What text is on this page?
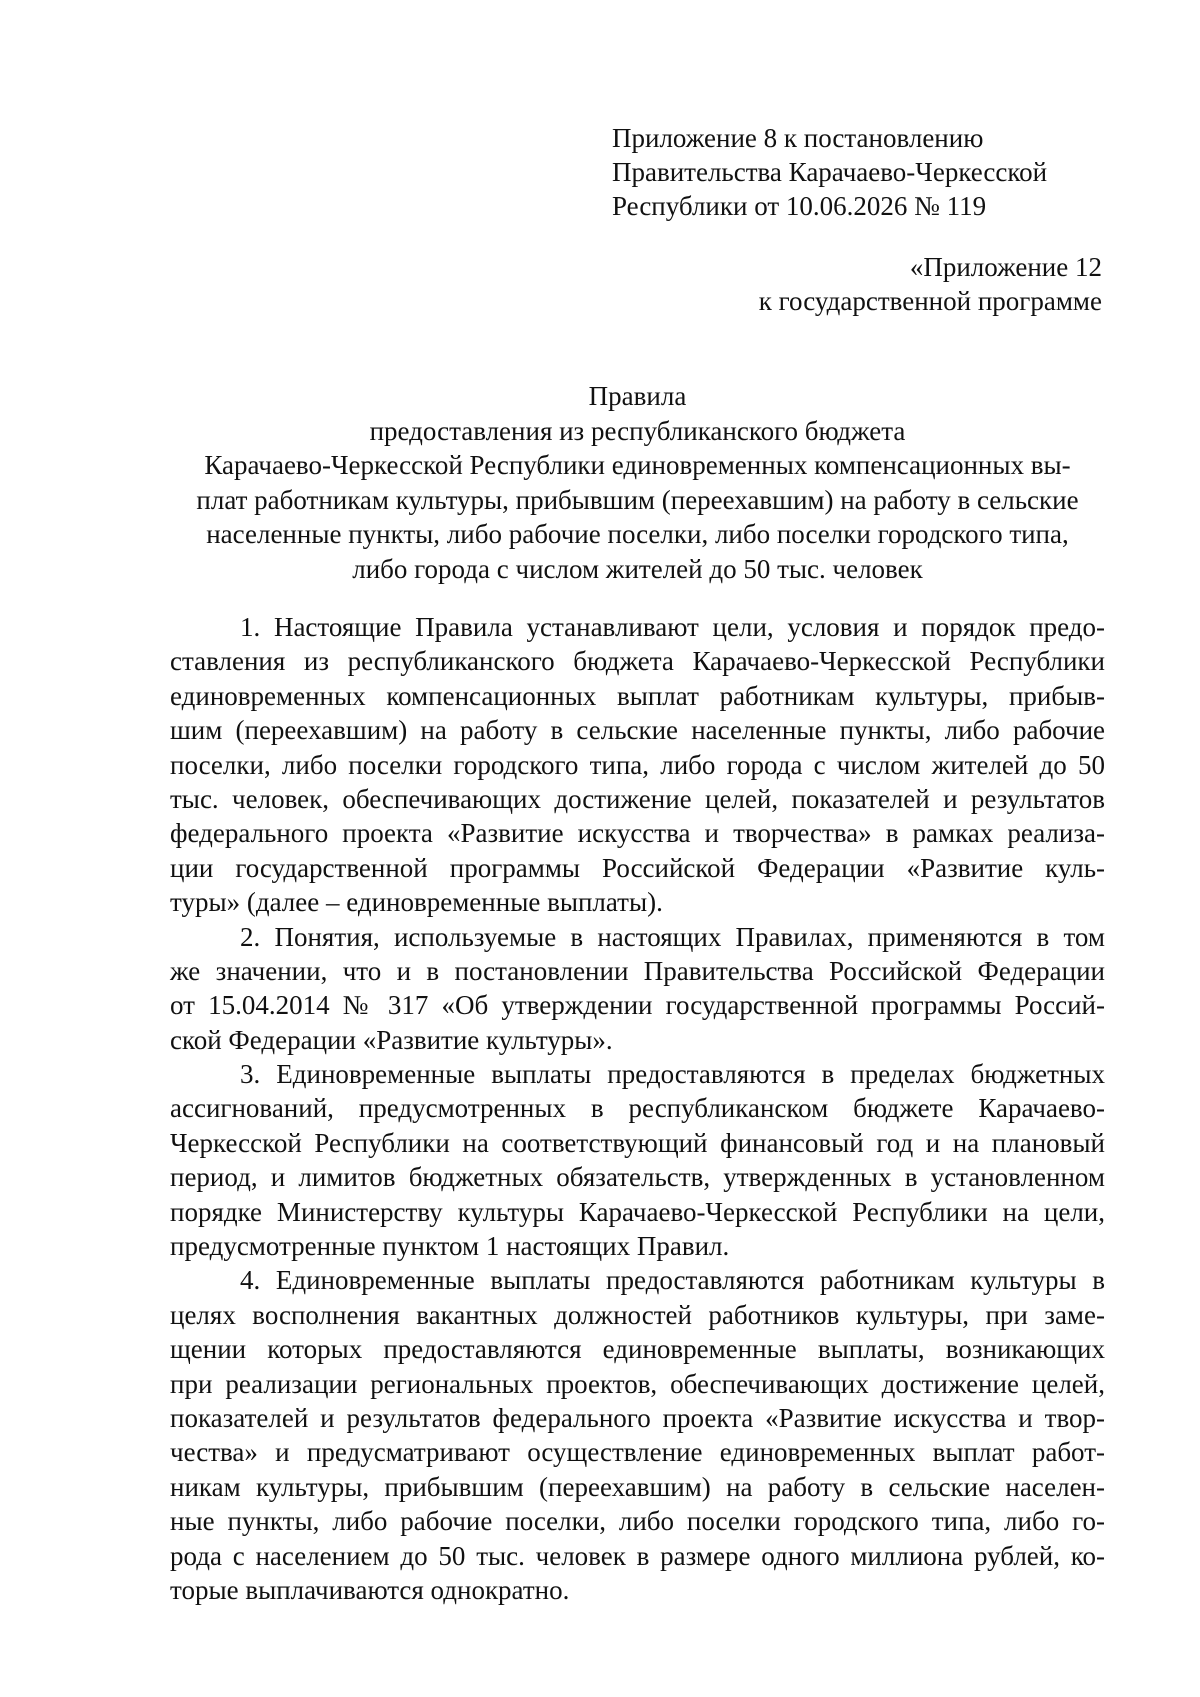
Приложение 8 к постановлению
Правительства Карачаево-Черкесской
Республики от 10.06.2026 № 119
«Приложение 12
к государственной программе
Правила
предоставления из республиканского бюджета
Карачаево-Черкесской Республики единовременных компенсационных вы-
плат работникам культуры, прибывшим (переехавшим) на работу в сельские
населенные пункты, либо рабочие поселки, либо поселки городского типа,
либо города с числом жителей до 50 тыс. человек
1. Настоящие Правила устанавливают цели, условия и порядок предо-
ставления из республиканского бюджета Карачаево-Черкесской Республики
единовременных компенсационных выплат работникам культуры, прибыв-
шим (переехавшим) на работу в сельские населенные пункты, либо рабочие
поселки, либо поселки городского типа, либо города с числом жителей до 50
тыс. человек, обеспечивающих достижение целей, показателей и результатов
федерального проекта «Развитие искусства и творчества» в рамках реализа-
ции государственной программы Российской Федерации «Развитие куль-
туры» (далее – единовременные выплаты).
2. Понятия, используемые в настоящих Правилах, применяются в том
же значении, что и в постановлении Правительства Российской Федерации
от 15.04.2014 № 317 «Об утверждении государственной программы Россий-
ской Федерации «Развитие культуры».
3. Единовременные выплаты предоставляются в пределах бюджетных
ассигнований, предусмотренных в республиканском бюджете Карачаево-
Черкесской Республики на соответствующий финансовый год и на плановый
период, и лимитов бюджетных обязательств, утвержденных в установленном
порядке Министерству культуры Карачаево-Черкесской Республики на цели,
предусмотренные пунктом 1 настоящих Правил.
4. Единовременные выплаты предоставляются работникам культуры в
целях восполнения вакантных должностей работников культуры, при заме-
щении которых предоставляются единовременные выплаты, возникающих
при реализации региональных проектов, обеспечивающих достижение целей,
показателей и результатов федерального проекта «Развитие искусства и твор-
чества» и предусматривают осуществление единовременных выплат работ-
никам культуры, прибывшим (переехавшим) на работу в сельские населен-
ные пункты, либо рабочие поселки, либо поселки городского типа, либо го-
рода с населением до 50 тыс. человек в размере одного миллиона рублей, ко-
торые выплачиваются однократно.
